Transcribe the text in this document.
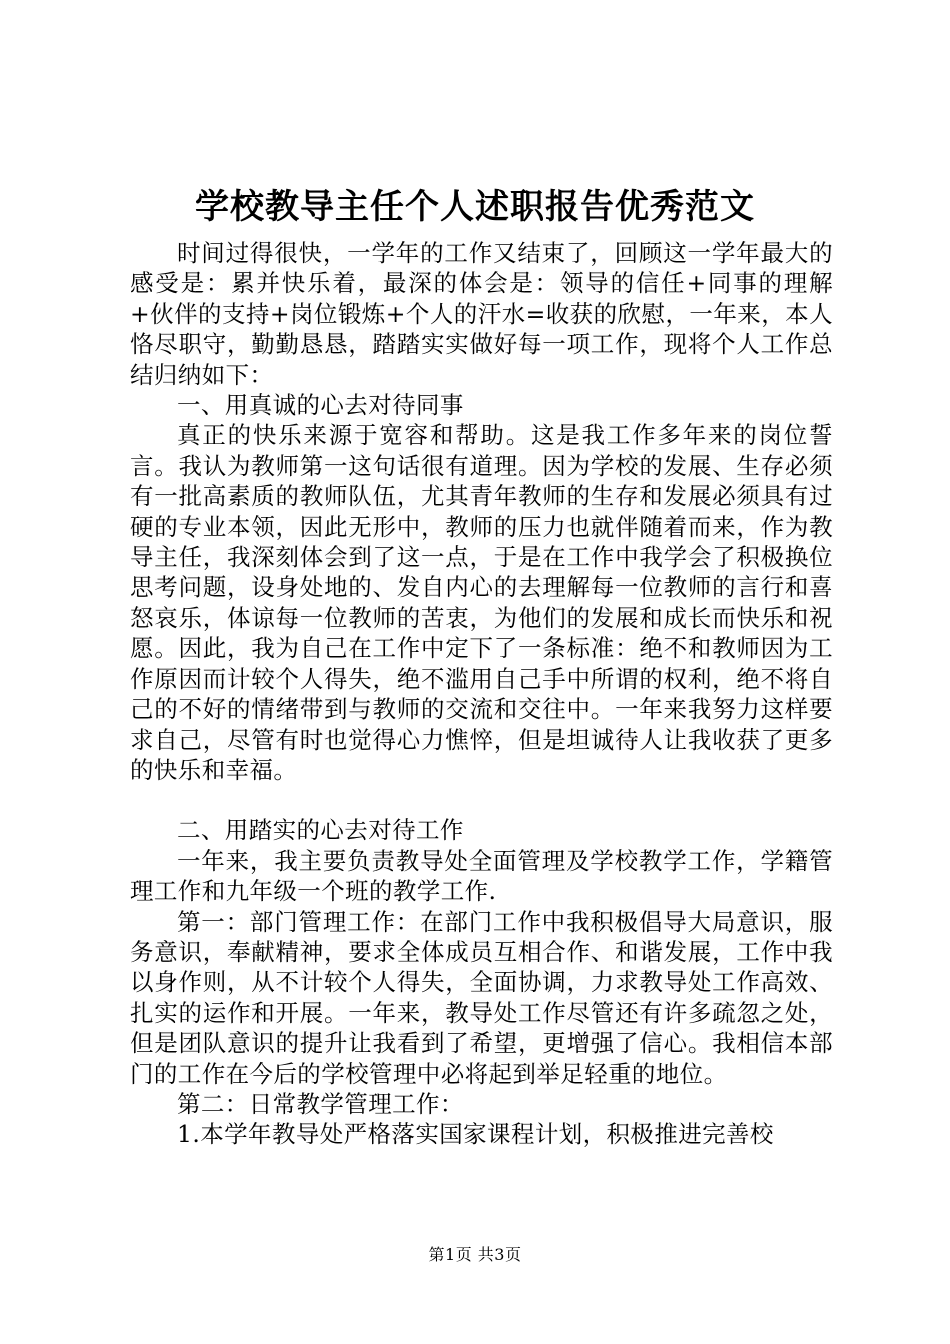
学校教导主任个人述职报告优秀范文

时间过得很快，一学年的工作又结束了，回顾这一学年最大的感受是：累并快乐着，最深的体会是：领导的信任+同事的理解+伙伴的支持+岗位锻炼+个人的汗水=收获的欣慰，一年来，本人恪尽职守，勤勤恳恳，踏踏实实做好每一项工作，现将个人工作总结归纳如下：

一、用真诚的心去对待同事

真正的快乐来源于宽容和帮助。这是我工作多年来的岗位誓言。我认为教师第一这句话很有道理。因为学校的发展、生存必须有一批高素质的教师队伍，尤其青年教师的生存和发展必须具有过硬的专业本领，因此无形中，教师的压力也就伴随着而来，作为教导主任，我深刻体会到了这一点，于是在工作中我学会了积极换位思考问题，设身处地的、发自内心的去理解每一位教师的言行和喜怒哀乐，体谅每一位教师的苦衷，为他们的发展和成长而快乐和祝愿。因此，我为自己在工作中定下了一条标准：绝不和教师因为工作原因而计较个人得失，绝不滥用自己手中所谓的权利，绝不将自己的不好的情绪带到与教师的交流和交往中。一年来我努力这样要求自己，尽管有时也觉得心力憔悴，但是坦诚待人让我收获了更多的快乐和幸福。

二、用踏实的心去对待工作

一年来，我主要负责教导处全面管理及学校教学工作，学籍管理工作和九年级一个班的教学工作.

第一：部门管理工作：在部门工作中我积极倡导大局意识，服务意识，奉献精神，要求全体成员互相合作、和谐发展，工作中我以身作则，从不计较个人得失，全面协调，力求教导处工作高效、扎实的运作和开展。一年来，教导处工作尽管还有许多疏忽之处，但是团队意识的提升让我看到了希望，更增强了信心。我相信本部门的工作在今后的学校管理中必将起到举足轻重的地位。

第二：日常教学管理工作：

1.本学年教导处严格落实国家课程计划，积极推进完善校

第1页 共3页
